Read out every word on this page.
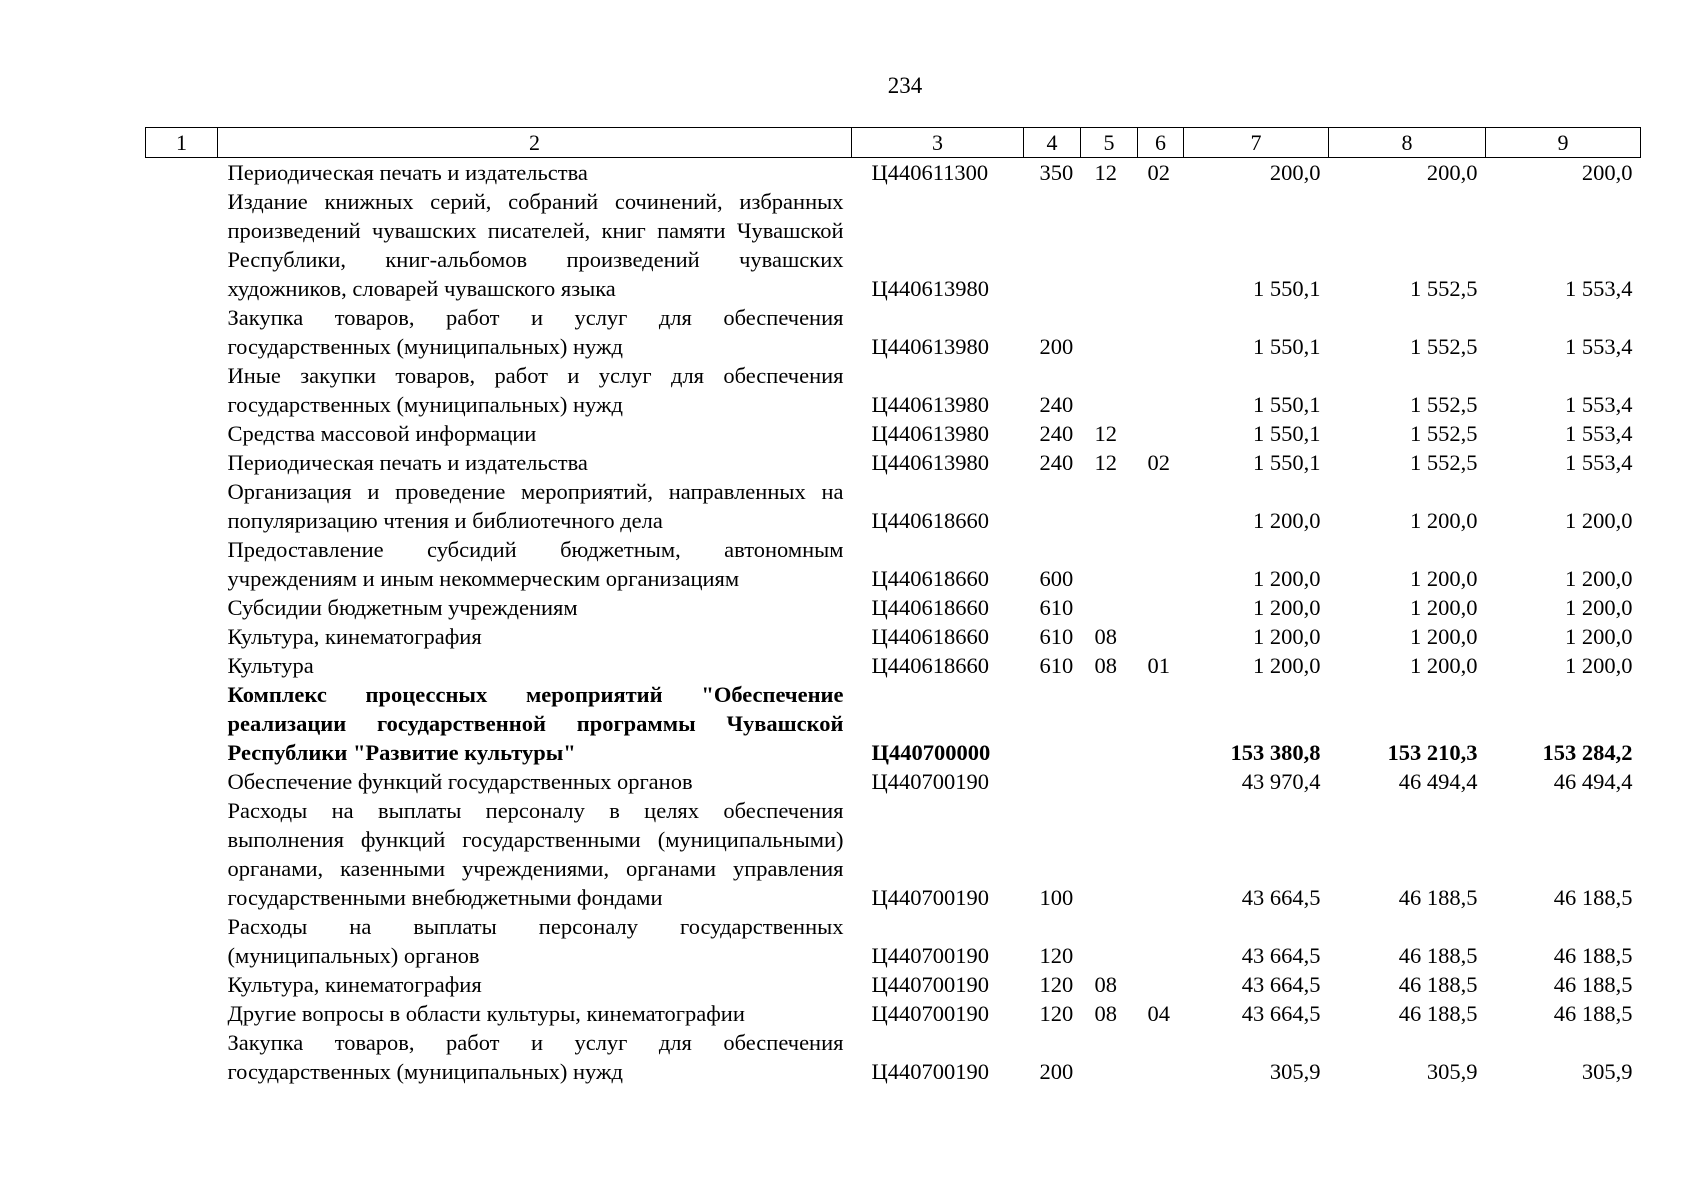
234
1	2	3	4	5	6	7	8	9
	Периодическая печать и издательства	Ц440611300	350	12	02	200,0	200,0	200,0
	Издание книжных серий, собраний сочинений, избранных произведений чувашских писателей, книг памяти Чувашской Республики, книг-альбомов произведений чувашских художников, словарей чувашского языка	Ц440613980				1 550,1	1 552,5	1 553,4
	Закупка товаров, работ и услуг для обеспечения государственных (муниципальных) нужд	Ц440613980	200			1 550,1	1 552,5	1 553,4
	Иные закупки товаров, работ и услуг для обеспечения государственных (муниципальных) нужд	Ц440613980	240			1 550,1	1 552,5	1 553,4
	Средства массовой информации	Ц440613980	240	12		1 550,1	1 552,5	1 553,4
	Периодическая печать и издательства	Ц440613980	240	12	02	1 550,1	1 552,5	1 553,4
	Организация и проведение мероприятий, направленных на популяризацию чтения и библиотечного дела	Ц440618660				1 200,0	1 200,0	1 200,0
	Предоставление субсидий бюджетным, автономным учреждениям и иным некоммерческим организациям	Ц440618660	600			1 200,0	1 200,0	1 200,0
	Субсидии бюджетным учреждениям	Ц440618660	610			1 200,0	1 200,0	1 200,0
	Культура, кинематография	Ц440618660	610	08		1 200,0	1 200,0	1 200,0
	Культура	Ц440618660	610	08	01	1 200,0	1 200,0	1 200,0
	Комплекс процессных мероприятий "Обеспечение реализации государственной программы Чувашской Республики "Развитие культуры"	Ц440700000				153 380,8	153 210,3	153 284,2
	Обеспечение функций государственных органов	Ц440700190				43 970,4	46 494,4	46 494,4
	Расходы на выплаты персоналу в целях обеспечения выполнения функций государственными (муниципальными) органами, казенными учреждениями, органами управления государственными внебюджетными фондами	Ц440700190	100			43 664,5	46 188,5	46 188,5
	Расходы на выплаты персоналу государственных (муниципальных) органов	Ц440700190	120			43 664,5	46 188,5	46 188,5
	Культура, кинематография	Ц440700190	120	08		43 664,5	46 188,5	46 188,5
	Другие вопросы в области культуры, кинематографии	Ц440700190	120	08	04	43 664,5	46 188,5	46 188,5
	Закупка товаров, работ и услуг для обеспечения государственных (муниципальных) нужд	Ц440700190	200			305,9	305,9	305,9
